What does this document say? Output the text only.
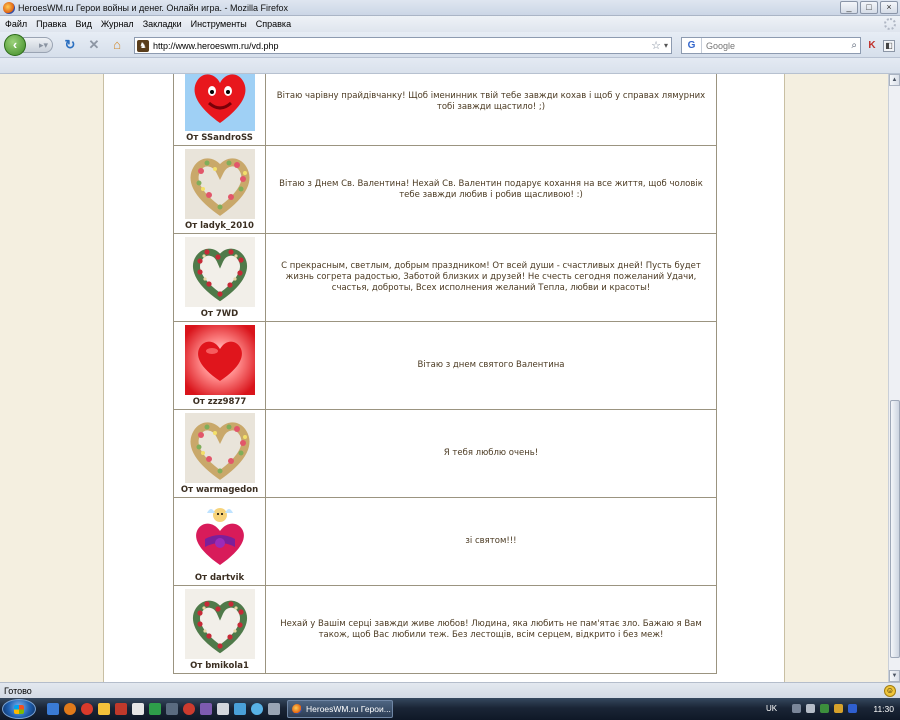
HeroesWM.ru Герои войны и денег. Онлайн игра. - Mozilla Firefox	_	□	×
Файл Правка Вид Журнал Закладки Инструменты Справка
▸▾
‹	↻ ✕ ⌂	♞ http://www.heroeswm.ru/vd.php	☆ ▾	G
Google	⌕ K ◧
От SSandroSS	Вітаю чарівну прайдівчанку! Щоб іменинник твій тебе завжди кохав і щоб у справах лямурних тобі завжди щастило! ;)

От ladyk_2010	Вітаю з Днем Св. Валентина! Нехай Св. Валентин подарує кохання на все життя, щоб чоловік тебе завжди любив і робив щасливою! :)

От 7WD	С прекрасным, светлым, добрым праздником! От всей души - счастливых дней! Пусть будет жизнь согрета радостью, Заботой близких и друзей! Не счесть сегодня пожеланий Удачи, счастья, доброты, Всех исполнения желаний Тепла, любви и красоты!

От zzz9877	Вітаю з днем святого Валентина

От warmagedon	Я тебя люблю очень!

От dartvik	зі святом!!!

От bmikola1	Нехай у Вашім серці завжди живе любов! Людина, яка любить не пам'ятає зло. Бажаю я Вам також, щоб Вас любили теж. Без лестощів, всім серцем, відкрито і без меж!
▲
▼
Готово	☺
HeroesWM.ru Герои...	UK	11:30
